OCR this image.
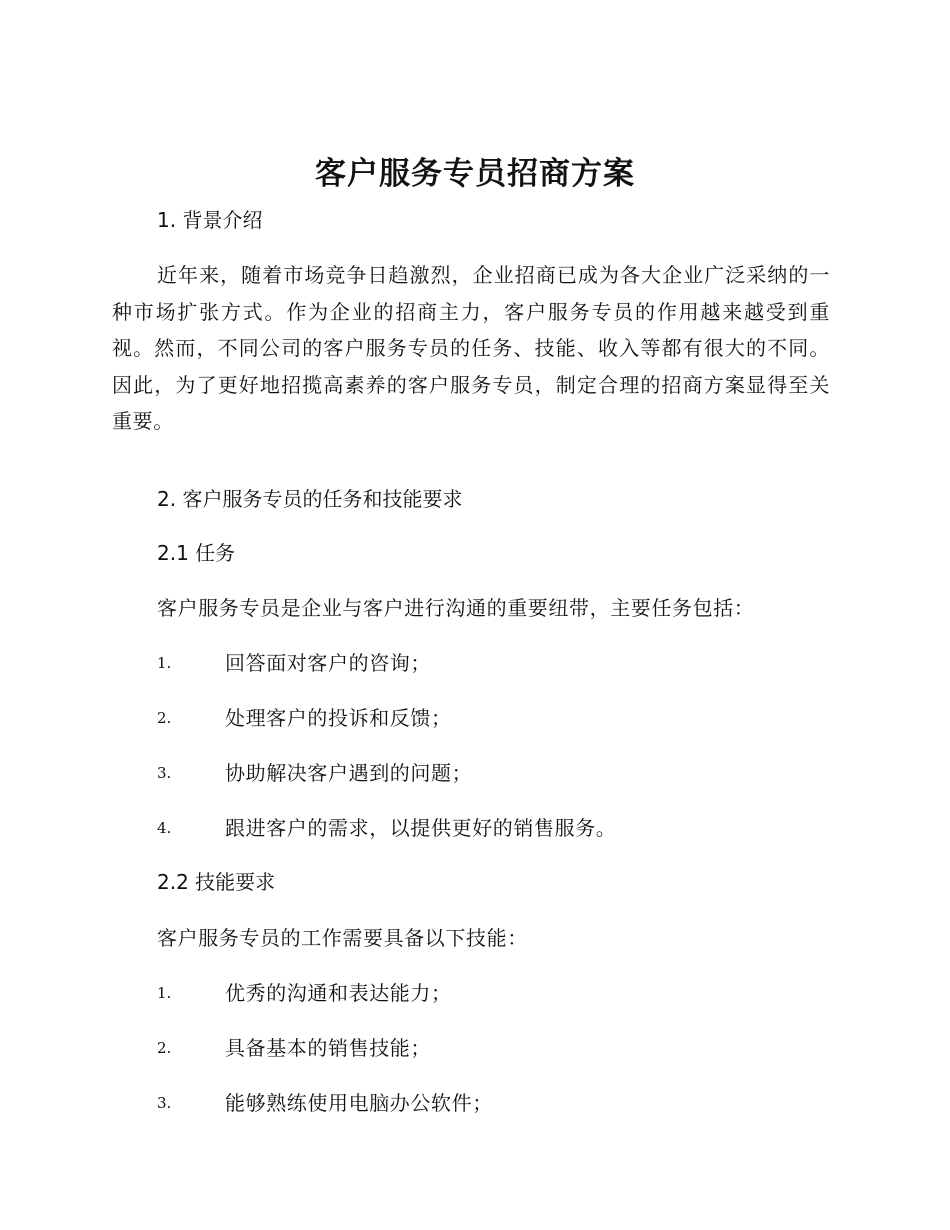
客户服务专员招商方案
1. 背景介绍

近年来，随着市场竞争日趋激烈，企业招商已成为各大企业广泛采纳的一种市场扩张方式。作为企业的招商主力，客户服务专员的作用越来越受到重视。然而，不同公司的客户服务专员的任务、技能、收入等都有很大的不同。因此，为了更好地招揽高素养的客户服务专员，制定合理的招商方案显得至关重要。

2. 客户服务专员的任务和技能要求
2.1 任务

客户服务专员是企业与客户进行沟通的重要纽带，主要任务包括：

1.	回答面对客户的咨询；
2.	处理客户的投诉和反馈；
3.	协助解决客户遇到的问题；
4.	跟进客户的需求，以提供更好的销售服务。
2.2 技能要求

客户服务专员的工作需要具备以下技能：

1.	优秀的沟通和表达能力；
2.	具备基本的销售技能；
3.	能够熟练使用电脑办公软件；
